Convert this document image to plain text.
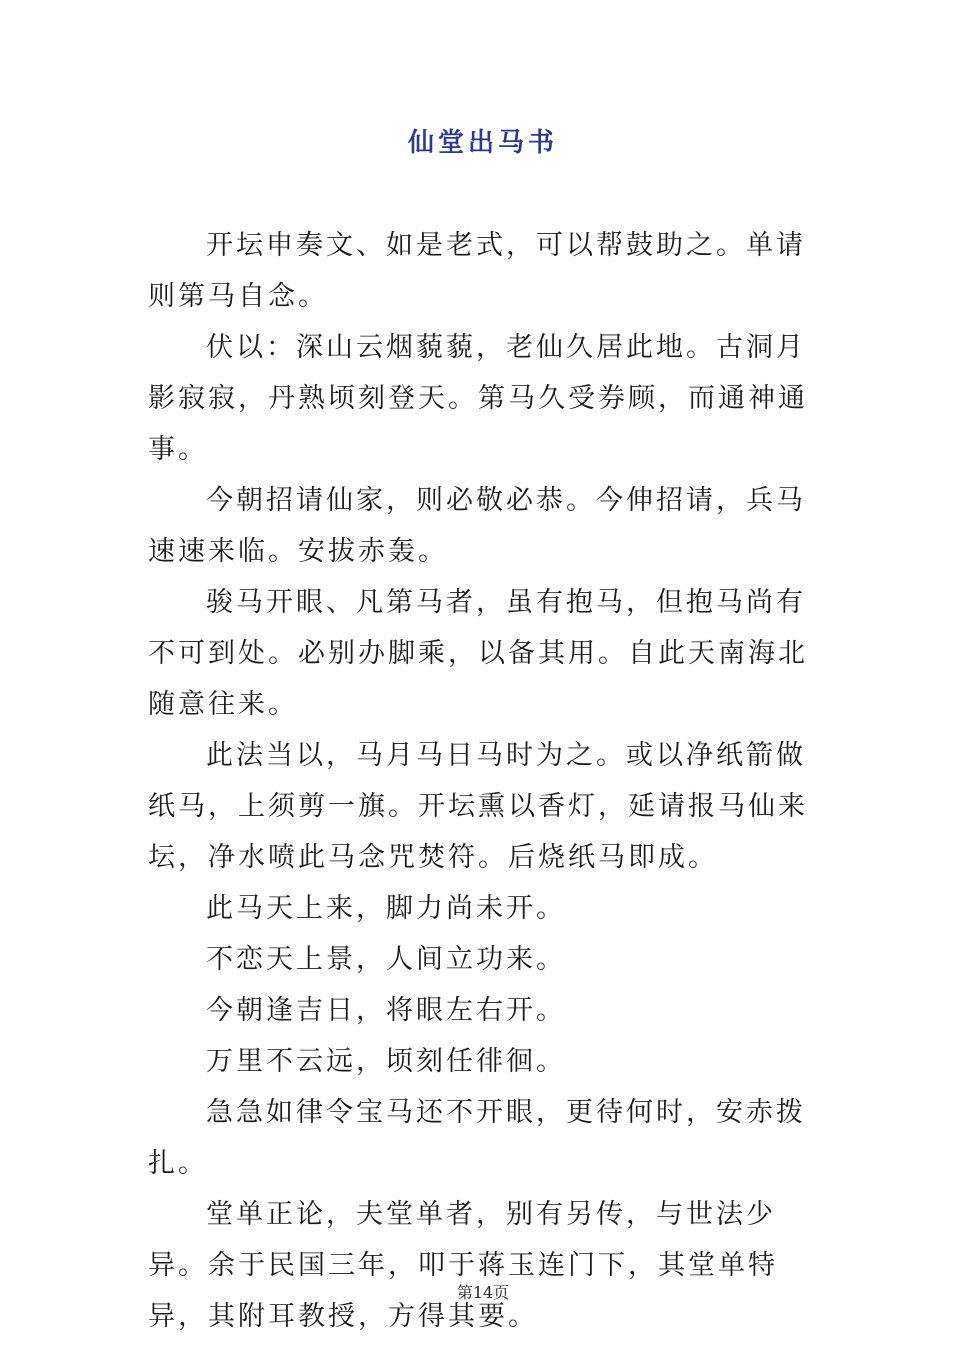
仙堂出马书

开坛申奏文、如是老式，可以帮鼓助之。单请则第马自念。

伏以：深山云烟藐藐，老仙久居此地。古洞月影寂寂，丹熟顷刻登天。第马久受券顾，而通神通事。

今朝招请仙家，则必敬必恭。今伸招请，兵马速速来临。安拔赤轰。

骏马开眼、凡第马者，虽有抱马，但抱马尚有不可到处。必别办脚乘，以备其用。自此天南海北随意往来。

此法当以，马月马日马时为之。或以净纸箭做纸马，上须剪一旗。开坛熏以香灯，延请报马仙来坛，净水喷此马念咒焚符。后烧纸马即成。

此马天上来，脚力尚未开。

不恋天上景，人间立功来。

今朝逢吉日，将眼左右开。

万里不云远，顷刻任徘徊。

急急如律令宝马还不开眼，更待何时，安赤拨扎。

堂单正论，夫堂单者，别有另传，与世法少异。余于民国三年，叩于蒋玉连门下，其堂单特异，其附耳教授，方得其要。

第14页
